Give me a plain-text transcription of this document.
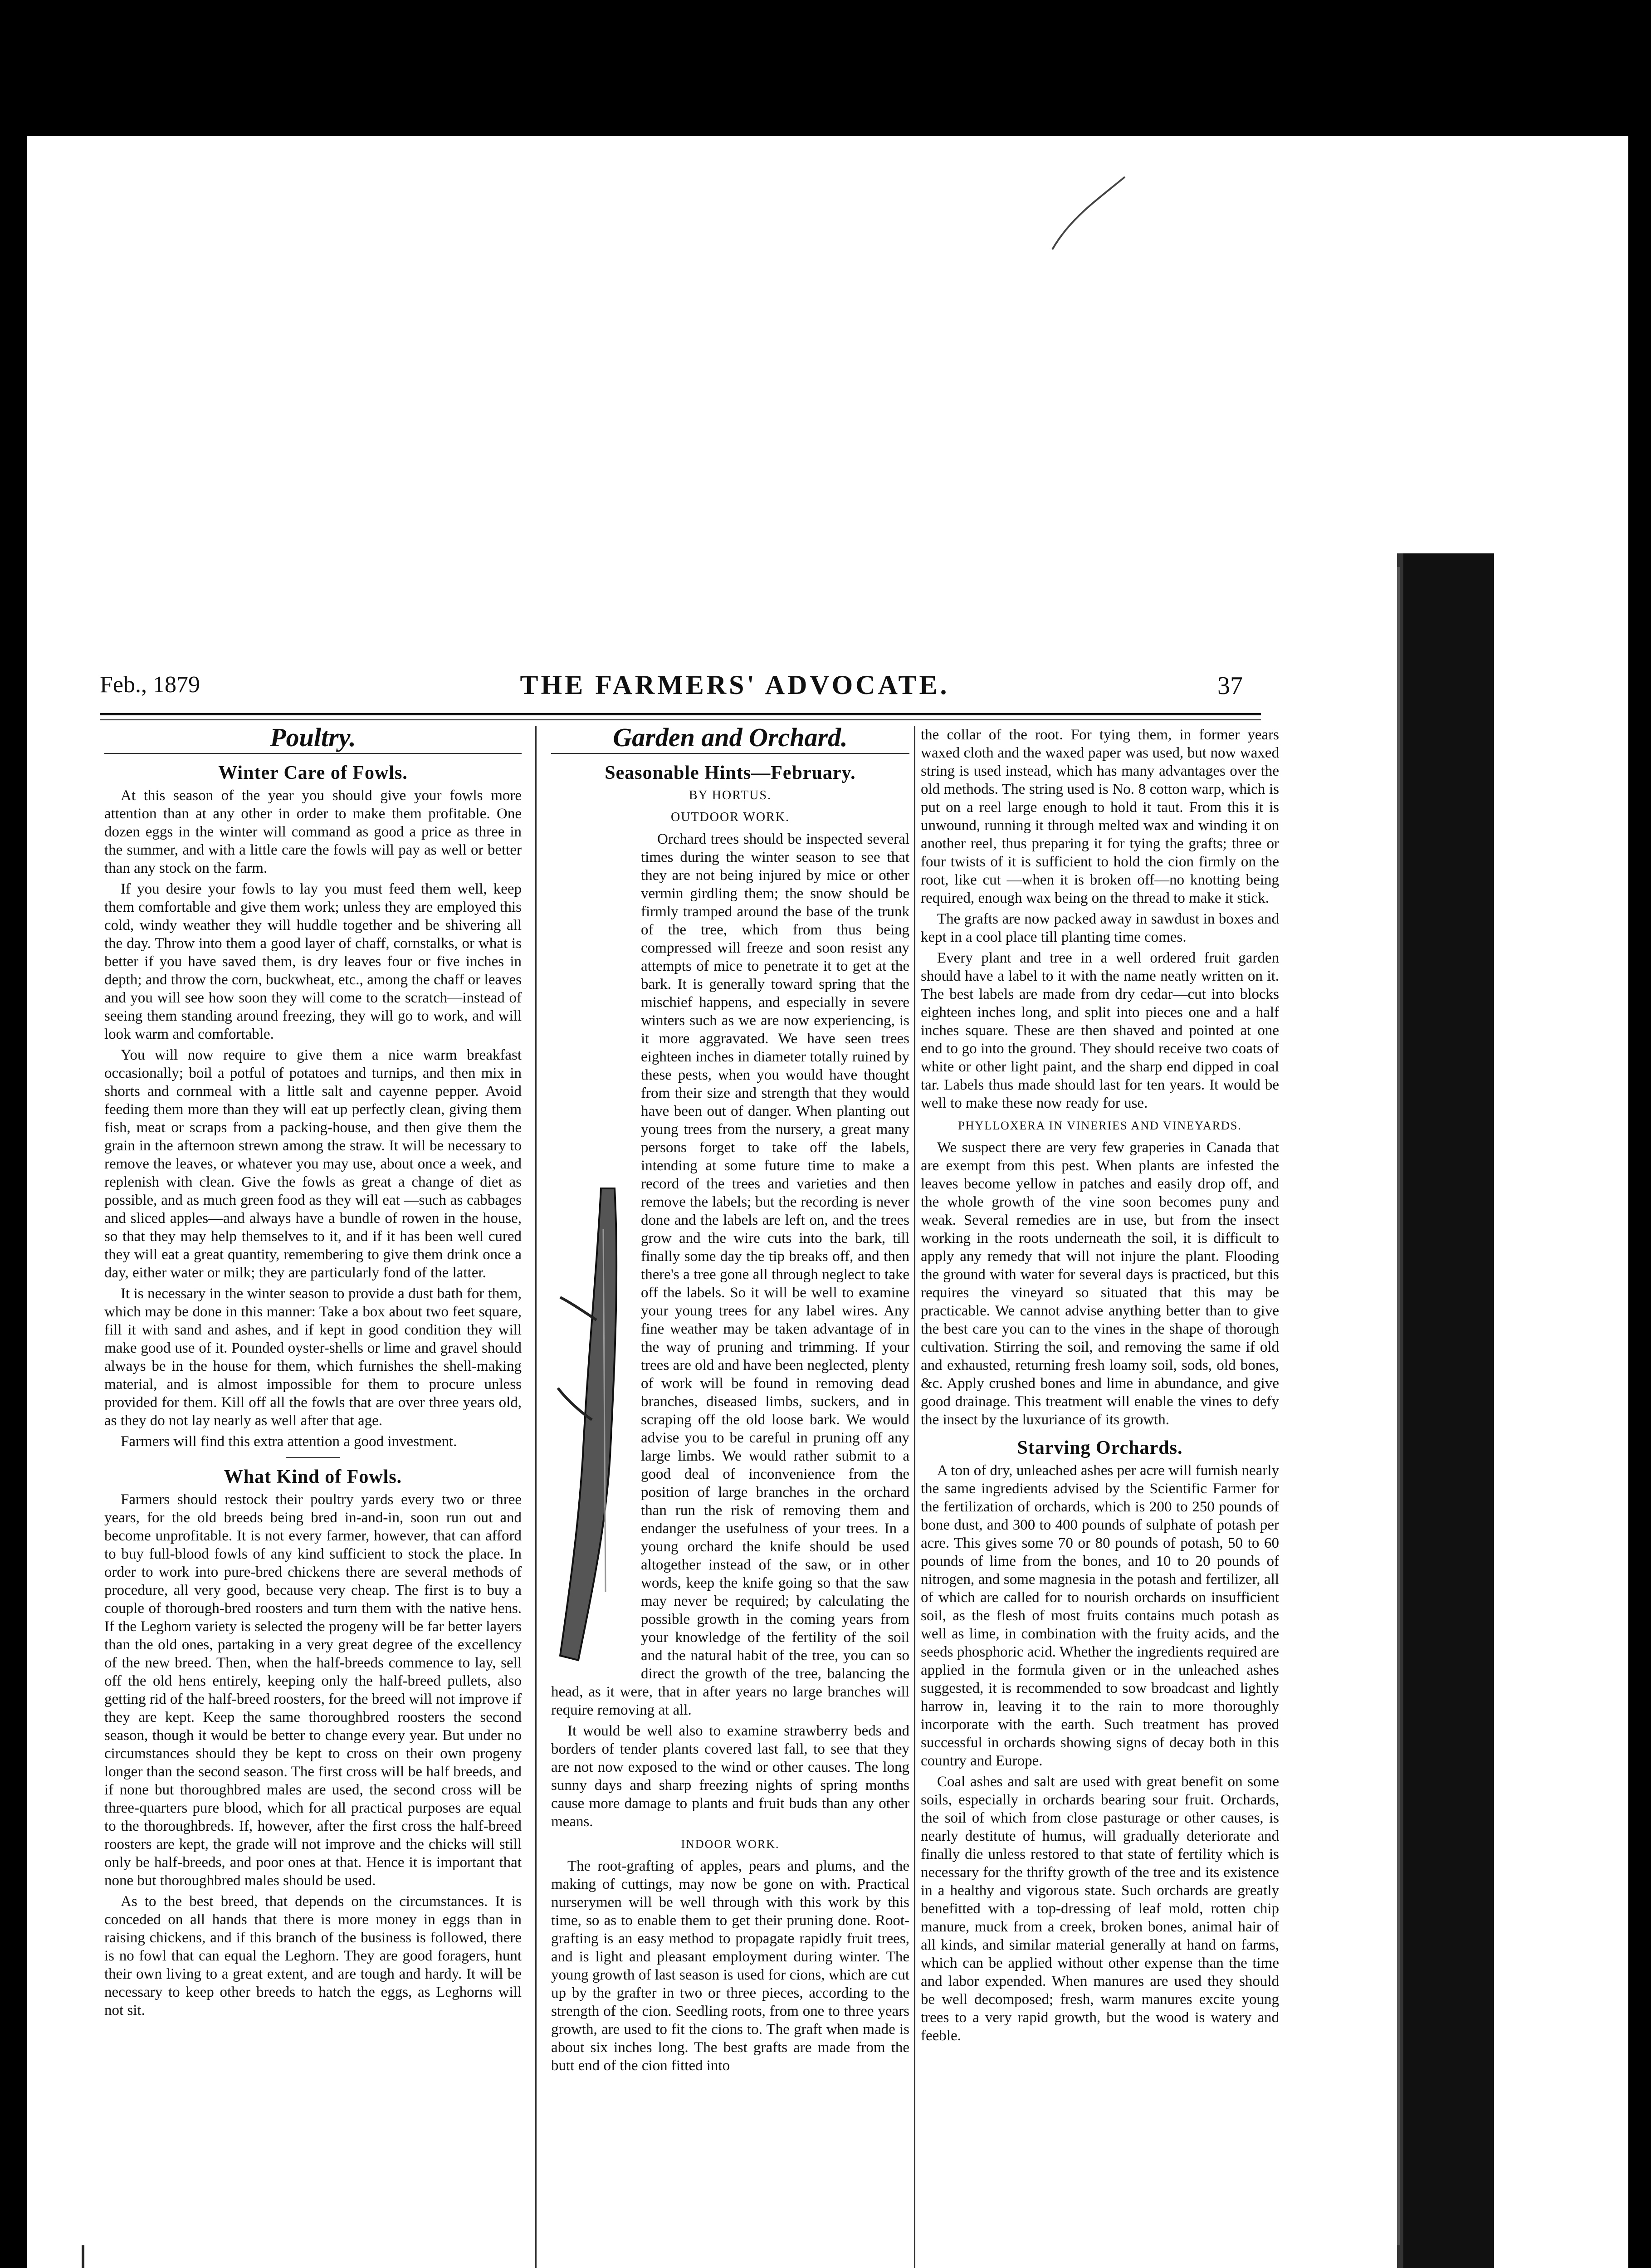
Feb., 1879	THE FARMERS' ADVOCATE.	37
Poultry.
Winter Care of Fowls.

At this season of the year you should give your fowls more attention than at any other in order to make them profitable. One dozen eggs in the winter will command as good a price as three in the summer, and with a little care the fowls will pay as well or better than any stock on the farm.

If you desire your fowls to lay you must feed them well, keep them comfortable and give them work; unless they are employed this cold, windy weather they will huddle together and be shivering all the day. Throw into them a good layer of chaff, cornstalks, or what is better if you have saved them, is dry leaves four or five inches in depth; and throw the corn, buckwheat, etc., among the chaff or leaves and you will see how soon they will come to the scratch—instead of seeing them standing around freezing, they will go to work, and will look warm and comfortable.

You will now require to give them a nice warm breakfast occasionally; boil a potful of potatoes and turnips, and then mix in shorts and cornmeal with a little salt and cayenne pepper. Avoid feeding them more than they will eat up perfectly clean, giving them fish, meat or scraps from a packing-house, and then give them the grain in the afternoon strewn among the straw. It will be necessary to remove the leaves, or whatever you may use, about once a week, and replenish with clean. Give the fowls as great a change of diet as possible, and as much green food as they will eat —such as cabbages and sliced apples—and always have a bundle of rowen in the house, so that they may help themselves to it, and if it has been well cured they will eat a great quantity, remembering to give them drink once a day, either water or milk; they are particularly fond of the latter.

It is necessary in the winter season to provide a dust bath for them, which may be done in this manner: Take a box about two feet square, fill it with sand and ashes, and if kept in good condition they will make good use of it. Pounded oyster-shells or lime and gravel should always be in the house for them, which furnishes the shell-making material, and is almost impossible for them to procure unless provided for them. Kill off all the fowls that are over three years old, as they do not lay nearly as well after that age.

Farmers will find this extra attention a good investment.

What Kind of Fowls.

Farmers should restock their poultry yards every two or three years, for the old breeds being bred in-and-in, soon run out and become unprofitable. It is not every farmer, however, that can afford to buy full-blood fowls of any kind sufficient to stock the place. In order to work into pure-bred chickens there are several methods of procedure, all very good, because very cheap. The first is to buy a couple of thorough-bred roosters and turn them with the native hens. If the Leghorn variety is selected the progeny will be far better layers than the old ones, partaking in a very great degree of the excellency of the new breed. Then, when the half-breeds commence to lay, sell off the old hens entirely, keeping only the half-breed pullets, also getting rid of the half-breed roosters, for the breed will not improve if they are kept. Keep the same thoroughbred roosters the second season, though it would be better to change every year. But under no circumstances should they be kept to cross on their own progeny longer than the second season. The first cross will be half breeds, and if none but thoroughbred males are used, the second cross will be three-quarters pure blood, which for all practical purposes are equal to the thoroughbreds. If, however, after the first cross the half-breed roosters are kept, the grade will not improve and the chicks will still only be half-breeds, and poor ones at that. Hence it is important that none but thoroughbred males should be used.

As to the best breed, that depends on the circumstances. It is conceded on all hands that there is more money in eggs than in raising chickens, and if this branch of the business is followed, there is no fowl that can equal the Leghorn. They are good foragers, hunt their own living to a great extent, and are tough and hardy. It will be necessary to keep other breeds to hatch the eggs, as Leghorns will not sit.

Garden and Orchard.
Seasonable Hints—February.
BY HORTUS.
OUTDOOR WORK.

Orchard trees should be inspected several times during the winter season to see that they are not being injured by mice or other vermin girdling them; the snow should be firmly tramped around the base of the trunk of the tree, which from thus being compressed will freeze and soon resist any attempts of mice to penetrate it to get at the bark. It is generally toward spring that the mischief happens, and especially in severe winters such as we are now experiencing, is it more aggravated. We have seen trees eighteen inches in diameter totally ruined by these pests, when you would have thought from their size and strength that they would have been out of danger. When planting out young trees from the nursery, a great many persons forget to take off the labels, intending at some future time to make a record of the trees and varieties and then remove the labels; but the recording is never done and the labels are left on, and the trees grow and the wire cuts into the bark, till finally some day the tip breaks off, and then there's a tree gone all through neglect to take off the labels. So it will be well to examine your young trees for any label wires. Any fine weather may be taken advantage of in the way of pruning and trimming. If your trees are old and have been neglected, plenty of work will be found in removing dead branches, diseased limbs, suckers, and in scraping off the old loose bark. We would advise you to be careful in pruning off any large limbs. We would rather submit to a good deal of inconvenience from the position of large branches in the orchard than run the risk of removing them and endanger the usefulness of your trees. In a young orchard the knife should be used altogether instead of the saw, or in other words, keep the knife going so that the saw may never be required; by calculating the possible growth in the coming years from your knowledge of the fertility of the soil and the natural habit of the tree, you can so direct the growth of the tree, balancing the head, as it were, that in after years no large branches will require removing at all.

It would be well also to examine strawberry beds and borders of tender plants covered last fall, to see that they are not now exposed to the wind or other causes. The long sunny days and sharp freezing nights of spring months cause more damage to plants and fruit buds than any other means.

INDOOR WORK.

The root-grafting of apples, pears and plums, and the making of cuttings, may now be gone on with. Practical nurserymen will be well through with this work by this time, so as to enable them to get their pruning done. Root-grafting is an easy method to propagate rapidly fruit trees, and is light and pleasant employment during winter. The young growth of last season is used for cions, which are cut up by the grafter in two or three pieces, according to the strength of the cion. Seedling roots, from one to three years growth, are used to fit the cions to. The graft when made is about six inches long. The best grafts are made from the butt end of the cion fitted into

the collar of the root. For tying them, in former years waxed cloth and the waxed paper was used, but now waxed string is used instead, which has many advantages over the old methods. The string used is No. 8 cotton warp, which is put on a reel large enough to hold it taut. From this it is unwound, running it through melted wax and winding it on another reel, thus preparing it for tying the grafts; three or four twists of it is sufficient to hold the cion firmly on the root, like cut —when it is broken off—no knotting being required, enough wax being on the thread to make it stick.

The grafts are now packed away in sawdust in boxes and kept in a cool place till planting time comes.

Every plant and tree in a well ordered fruit garden should have a label to it with the name neatly written on it. The best labels are made from dry cedar—cut into blocks eighteen inches long, and split into pieces one and a half inches square. These are then shaved and pointed at one end to go into the ground. They should receive two coats of white or other light paint, and the sharp end dipped in coal tar. Labels thus made should last for ten years. It would be well to make these now ready for use.

PHYLLOXERA IN VINERIES AND VINEYARDS.

We suspect there are very few graperies in Canada that are exempt from this pest. When plants are infested the leaves become yellow in patches and easily drop off, and the whole growth of the vine soon becomes puny and weak. Several remedies are in use, but from the insect working in the roots underneath the soil, it is difficult to apply any remedy that will not injure the plant. Flooding the ground with water for several days is practiced, but this requires the vineyard so situated that this may be practicable. We cannot advise anything better than to give the best care you can to the vines in the shape of thorough cultivation. Stirring the soil, and removing the same if old and exhausted, returning fresh loamy soil, sods, old bones, &c. Apply crushed bones and lime in abundance, and give good drainage. This treatment will enable the vines to defy the insect by the luxuriance of its growth.

Starving Orchards.

A ton of dry, unleached ashes per acre will furnish nearly the same ingredients advised by the Scientific Farmer for the fertilization of orchards, which is 200 to 250 pounds of bone dust, and 300 to 400 pounds of sulphate of potash per acre. This gives some 70 or 80 pounds of potash, 50 to 60 pounds of lime from the bones, and 10 to 20 pounds of nitrogen, and some magnesia in the potash and fertilizer, all of which are called for to nourish orchards on insufficient soil, as the flesh of most fruits contains much potash as well as lime, in combination with the fruity acids, and the seeds phosphoric acid. Whether the ingredients required are applied in the formula given or in the unleached ashes suggested, it is recommended to sow broadcast and lightly harrow in, leaving it to the rain to more thoroughly incorporate with the earth. Such treatment has proved successful in orchards showing signs of decay both in this country and Europe.

Coal ashes and salt are used with great benefit on some soils, especially in orchards bearing sour fruit. Orchards, the soil of which from close pasturage or other causes, is nearly destitute of humus, will gradually deteriorate and finally die unless restored to that state of fertility which is necessary for the thrifty growth of the tree and its existence in a healthy and vigorous state. Such orchards are greatly benefitted with a top-dressing of leaf mold, rotten chip manure, muck from a creek, broken bones, animal hair of all kinds, and similar material generally at hand on farms, which can be applied without other expense than the time and labor expended. When manures are used they should be well decomposed; fresh, warm manures excite young trees to a very rapid growth, but the wood is watery and feeble.
